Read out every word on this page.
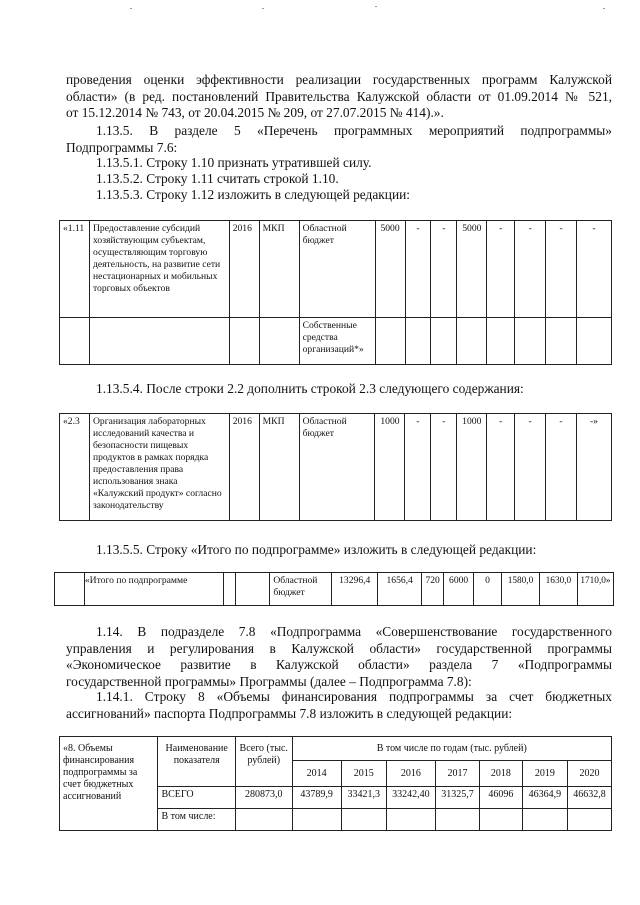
проведения оценки эффективности реализации государственных программ Калужской
области» (в ред. постановлений Правительства Калужской области от 01.09.2014 № 521,
от 15.12.2014 № 743, от 20.04.2015 № 209, от 27.07.2015 № 414).».
1.13.5. В разделе 5 «Перечень программных мероприятий подпрограммы»
Подпрограммы 7.6:
1.13.5.1. Строку 1.10 признать утратившей силу.
1.13.5.2. Строку 1.11 считать строкой 1.10.
1.13.5.3. Строку 1.12 изложить в следующей редакции:
«1.11	Предоставление субсидий хозяйствующим субъектам, осуществляющим торговую деятельность, на развитие сети нестационарных и мобильных торговых объектов	2016	МКП	Областной бюджет	5000	-	-	5000	-	-	-	-
				Собственные средства организаций*»								
1.13.5.4. После строки 2.2 дополнить строкой 2.3 следующего содержания:
«2.3	Организация лабораторных исследований качества и безопасности пищевых продуктов в рамках порядка предоставления права использования знака «Калужский продукт» согласно законодательству	2016	МКП	Областной бюджет	1000	-	-	1000	-	-	-	-»
1.13.5.5. Строку «Итого по подпрограмме» изложить в следующей редакции:
	«Итого по подпрограмме			Областной бюджет	13296,4	1656,4	720	6000	0	1580,0	1630,0	1710,0»
1.14. В подразделе 7.8 «Подпрограмма «Совершенствование государственного
управления и регулирования в Калужской области» государственной программы
«Экономическое развитие в Калужской области» раздела 7 «Подпрограммы
государственной программы» Программы (далее – Подпрограмма 7.8):
1.14.1. Строку 8 «Объемы финансирования подпрограммы за счет бюджетных
ассигнований» паспорта Подпрограммы 7.8 изложить в следующей редакции:
«8. Объемы финансирования подпрограммы за счет бюджетных ассигнований	Наименование показателя	Всего (тыс. рублей)	В том числе по годам (тыс. рублей)						
			2014	2015	2016	2017	2018	2019	2020
	ВСЕГО	280873,0	43789,9	33421,3	33242,40	31325,7	46096	46364,9	46632,8
	В том числе:								
